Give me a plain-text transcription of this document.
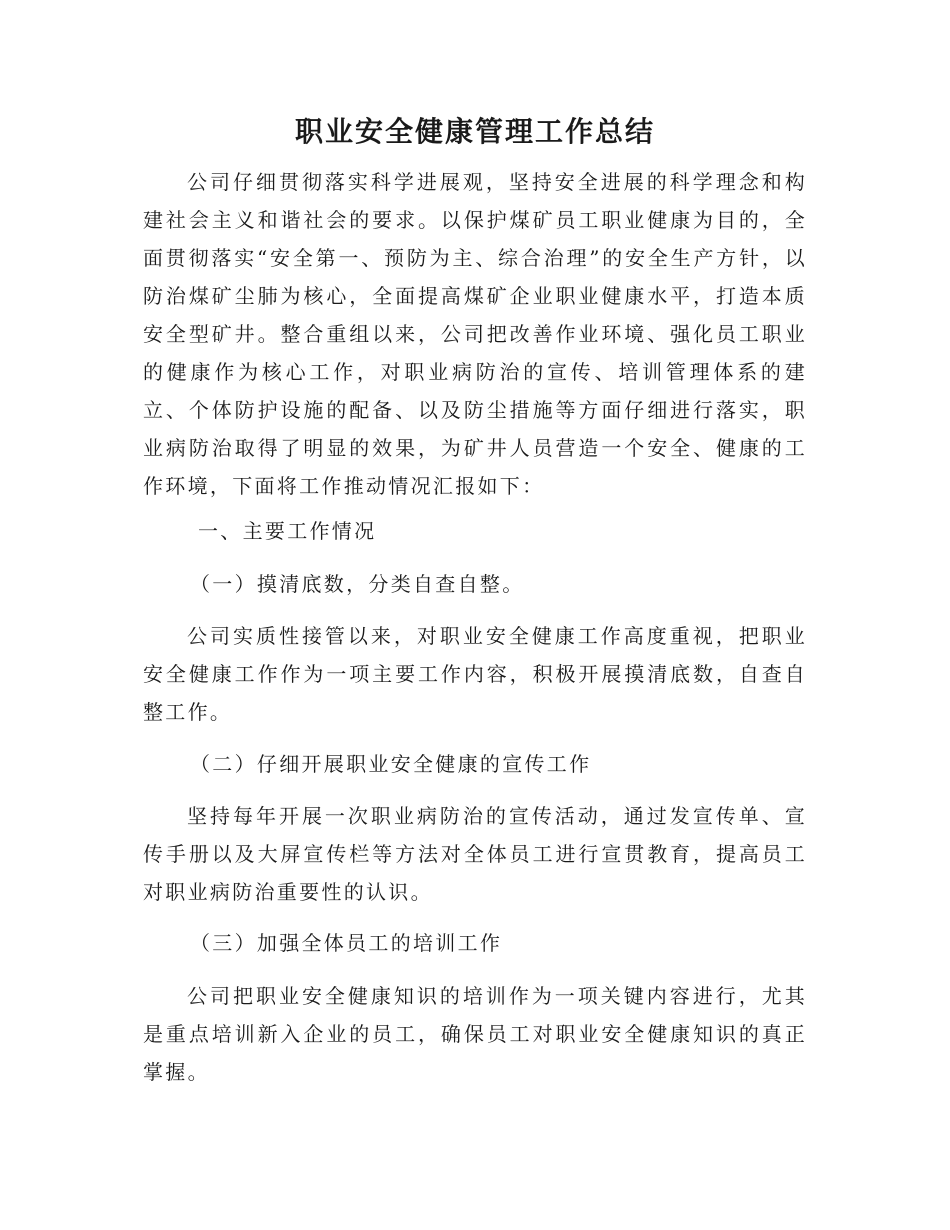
职业安全健康管理工作总结

公司仔细贯彻落实科学进展观，坚持安全进展的科学理念和构建社会主义和谐社会的要求。以保护煤矿员工职业健康为目的，全面贯彻落实“安全第一、预防为主、综合治理”的安全生产方针，以防治煤矿尘肺为核心，全面提高煤矿企业职业健康水平，打造本质安全型矿井。整合重组以来，公司把改善作业环境、强化员工职业的健康作为核心工作，对职业病防治的宣传、培训管理体系的建立、个体防护设施的配备、以及防尘措施等方面仔细进行落实，职业病防治取得了明显的效果，为矿井人员营造一个安全、健康的工作环境，下面将工作推动情况汇报如下：

一、主要工作情况

（一）摸清底数，分类自查自整。

公司实质性接管以来，对职业安全健康工作高度重视，把职业安全健康工作作为一项主要工作内容，积极开展摸清底数，自查自整工作。

（二）仔细开展职业安全健康的宣传工作

坚持每年开展一次职业病防治的宣传活动，通过发宣传单、宣传手册以及大屏宣传栏等方法对全体员工进行宣贯教育，提高员工对职业病防治重要性的认识。

（三）加强全体员工的培训工作

公司把职业安全健康知识的培训作为一项关键内容进行，尤其是重点培训新入企业的员工，确保员工对职业安全健康知识的真正掌握。
